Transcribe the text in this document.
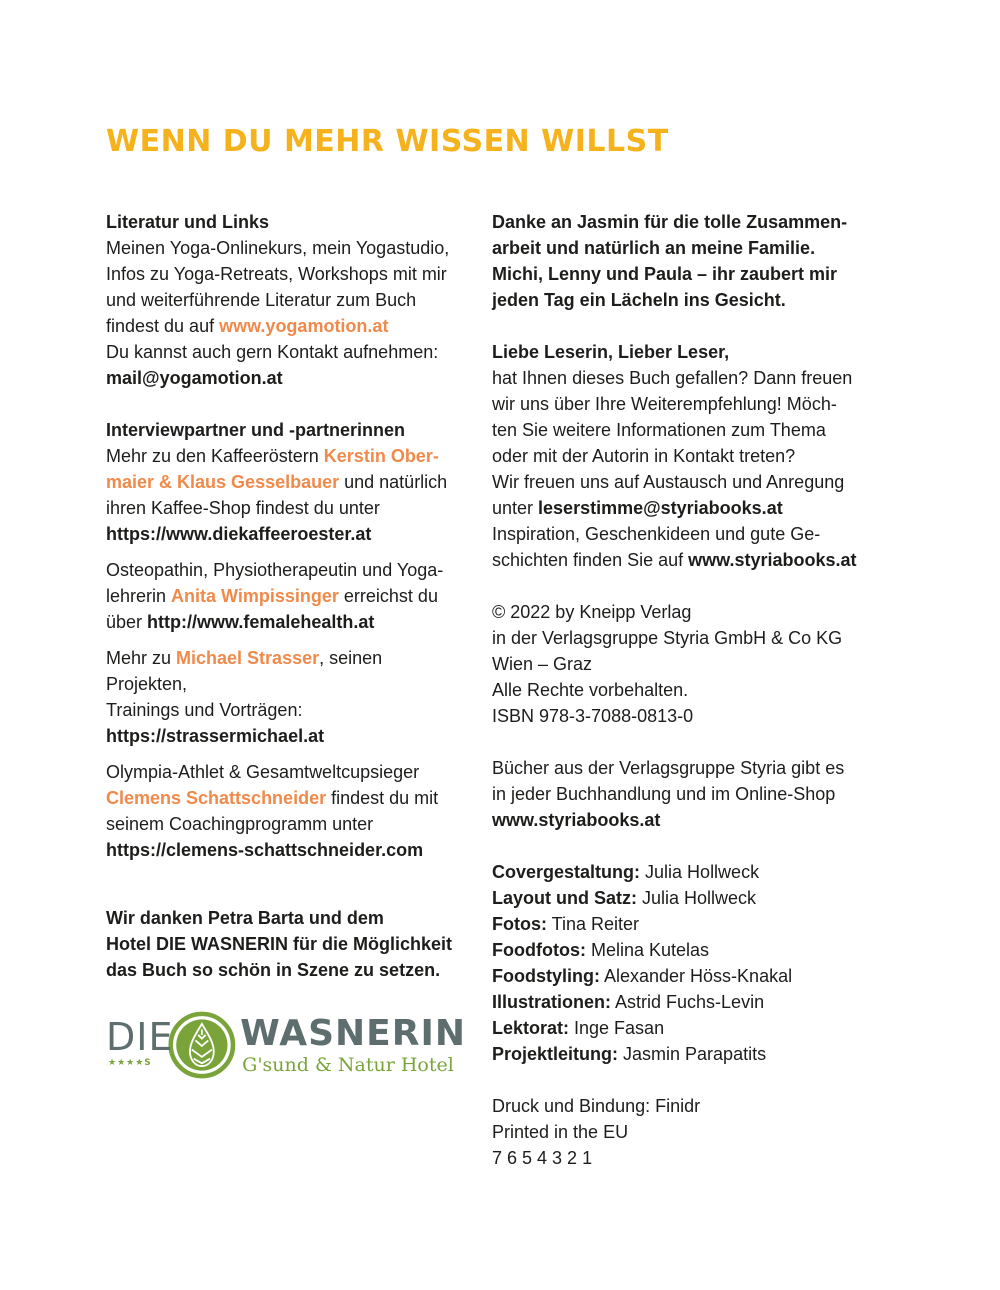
WENN DU MEHR WISSEN WILLST

Literatur und Links
Meinen Yoga-Onlinekurs, mein Yogastudio,
Infos zu Yoga-Retreats, Workshops mit mir
und weiterführende Literatur zum Buch
findest du auf www.yogamotion.at
Du kannst auch gern Kontakt aufnehmen:
mail@yogamotion.at

Interviewpartner und -partnerinnen
Mehr zu den Kaffeeröstern Kerstin Ober-
maier & Klaus Gesselbauer und natürlich
ihren Kaffee-Shop findest du unter
https://www.diekaffeeroester.at

Osteopathin, Physiotherapeutin und Yoga-
lehrerin Anita Wimpissinger erreichst du
über http://www.femalehealth.at

Mehr zu Michael Strasser, seinen Projekten,
Trainings und Vorträgen:
https://strassermichael.at

Olympia-Athlet & Gesamtweltcupsieger
Clemens Schattschneider findest du mit
seinem Coachingprogramm unter
https://clemens-schattschneider.com

Wir danken Petra Barta und dem
Hotel DIE WASNERIN für die Möglichkeit
das Buch so schön in Szene zu setzen.

DIE
★★★★S
WASNERIN
G'sund & Natur Hotel

Danke an Jasmin für die tolle Zusammen-
arbeit und natürlich an meine Familie.
Michi, Lenny und Paula – ihr zaubert mir
jeden Tag ein Lächeln ins Gesicht.

Liebe Leserin, Lieber Leser,
hat Ihnen dieses Buch gefallen? Dann freuen
wir uns über Ihre Weiterempfehlung! Möch-
ten Sie weitere Informationen zum Thema
oder mit der Autorin in Kontakt treten?
Wir freuen uns auf Austausch und Anregung
unter leserstimme@styriabooks.at
Inspiration, Geschenkideen und gute Ge-
schichten finden Sie auf www.styriabooks.at

© 2022 by Kneipp Verlag
in der Verlagsgruppe Styria GmbH & Co KG
Wien – Graz
Alle Rechte vorbehalten.
ISBN 978-3-7088-0813-0

Bücher aus der Verlagsgruppe Styria gibt es
in jeder Buchhandlung und im Online-Shop
www.styriabooks.at

Covergestaltung: Julia Hollweck
Layout und Satz: Julia Hollweck
Fotos: Tina Reiter
Foodfotos: Melina Kutelas
Foodstyling: Alexander Höss-Knakal
Illustrationen: Astrid Fuchs-Levin
Lektorat: Inge Fasan
Projektleitung: Jasmin Parapatits

Druck und Bindung: Finidr
Printed in the EU
7 6 5 4 3 2 1
